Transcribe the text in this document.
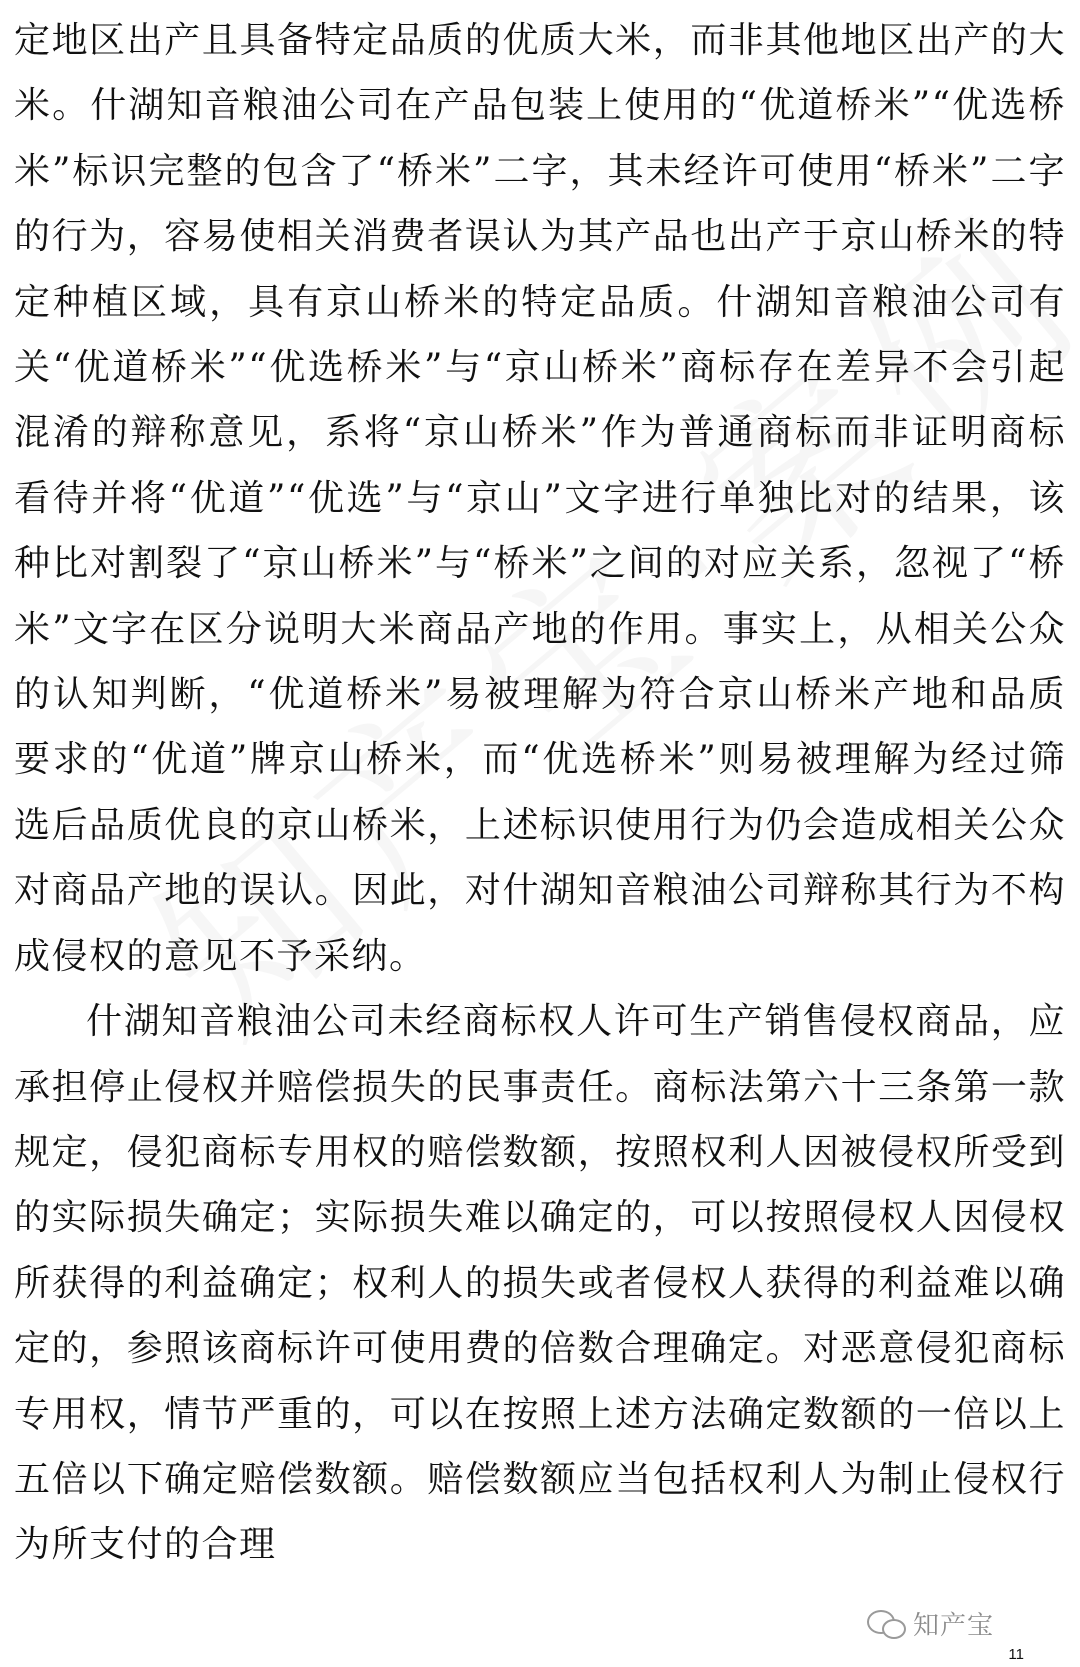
定地区出产且具备特定品质的优质大米，而非其他地区出产的大米。什湖知音粮油公司在产品包装上使用的“优道桥米”“优选桥米”标识完整的包含了“桥米”二字，其未经许可使用“桥米”二字的行为，容易使相关消费者误认为其产品也出产于京山桥米的特定种植区域，具有京山桥米的特定品质。什湖知音粮油公司有关“优道桥米”“优选桥米”与“京山桥米”商标存在差异不会引起混淆的辩称意见，系将“京山桥米”作为普通商标而非证明商标看待并将“优道”“优选”与“京山”文字进行单独比对的结果，该种比对割裂了“京山桥米”与“桥米”之间的对应关系，忽视了“桥米”文字在区分说明大米商品产地的作用。事实上，从相关公众的认知判断，“优道桥米”易被理解为符合京山桥米产地和品质要求的“优道”牌京山桥米，而“优选桥米”则易被理解为经过筛选后品质优良的京山桥米，上述标识使用行为仍会造成相关公众对商品产地的误认。因此，对什湖知音粮油公司辩称其行为不构成侵权的意见不予采纳。

什湖知音粮油公司未经商标权人许可生产销售侵权商品，应承担停止侵权并赔偿损失的民事责任。商标法第六十三条第一款规定，侵犯商标专用权的赔偿数额，按照权利人因被侵权所受到的实际损失确定；实际损失难以确定的，可以按照侵权人因侵权所获得的利益确定；权利人的损失或者侵权人获得的利益难以确定的，参照该商标许可使用费的倍数合理确定。对恶意侵犯商标专用权，情节严重的，可以在按照上述方法确定数额的一倍以上五倍以下确定赔偿数额。赔偿数额应当包括权利人为制止侵权行为所支付的合理

知产宝
11
